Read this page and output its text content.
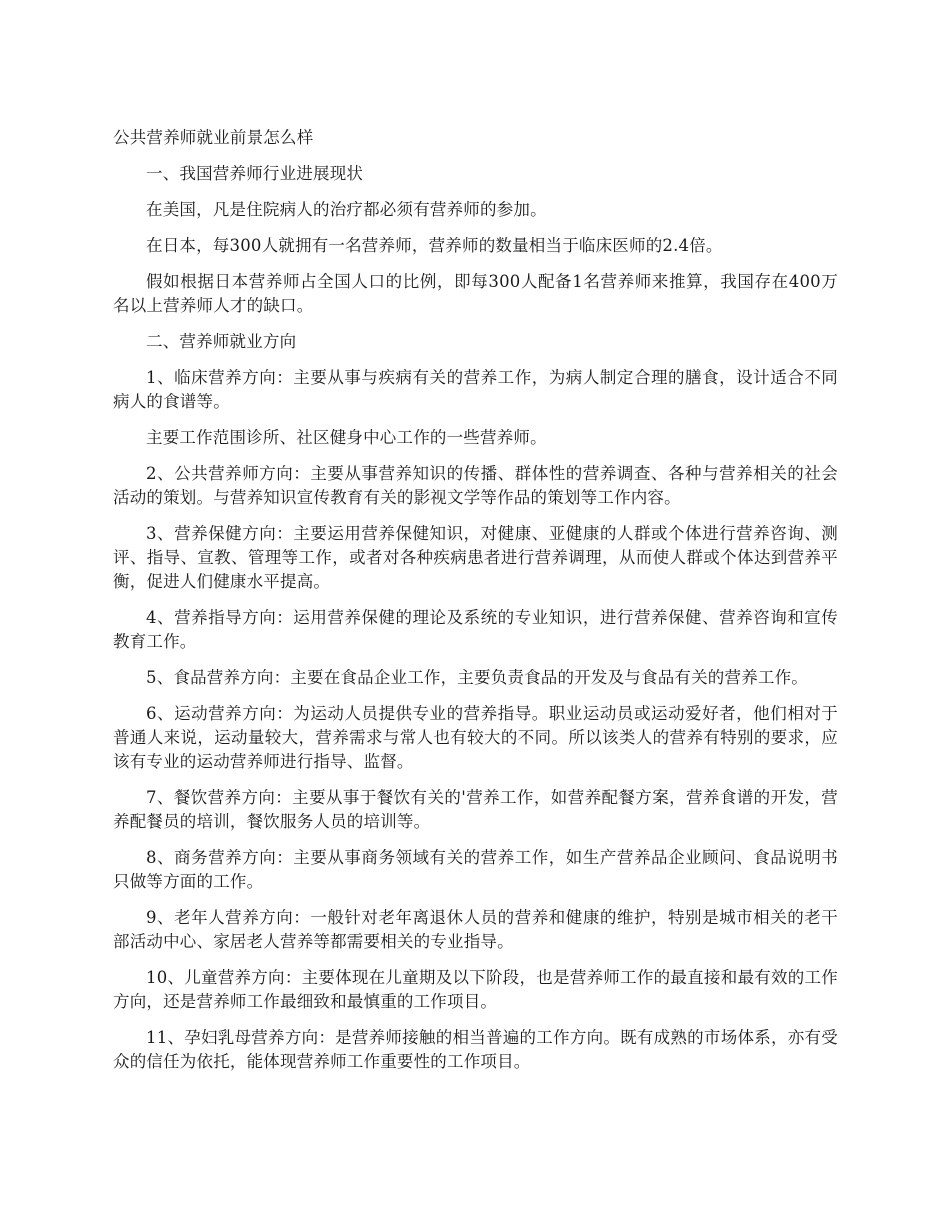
公共营养师就业前景怎么样

一、我国营养师行业进展现状

在美国，凡是住院病人的治疗都必须有营养师的参加。

在日本，每300人就拥有一名营养师，营养师的数量相当于临床医师的2.4倍。

假如根据日本营养师占全国人口的比例，即每300人配备1名营养师来推算，我国存在400万名以上营养师人才的缺口。

二、营养师就业方向

1、临床营养方向：主要从事与疾病有关的营养工作，为病人制定合理的膳食，设计适合不同病人的食谱等。

主要工作范围诊所、社区健身中心工作的一些营养师。

2、公共营养师方向：主要从事营养知识的传播、群体性的营养调查、各种与营养相关的社会活动的策划。与营养知识宣传教育有关的影视文学等作品的策划等工作内容。

3、营养保健方向：主要运用营养保健知识，对健康、亚健康的人群或个体进行营养咨询、测评、指导、宣教、管理等工作，或者对各种疾病患者进行营养调理，从而使人群或个体达到营养平衡，促进人们健康水平提高。

4、营养指导方向：运用营养保健的理论及系统的专业知识，进行营养保健、营养咨询和宣传教育工作。

5、食品营养方向：主要在食品企业工作，主要负责食品的开发及与食品有关的营养工作。

6、运动营养方向：为运动人员提供专业的营养指导。职业运动员或运动爱好者，他们相对于普通人来说，运动量较大，营养需求与常人也有较大的不同。所以该类人的营养有特别的要求，应该有专业的运动营养师进行指导、监督。

7、餐饮营养方向：主要从事于餐饮有关的'营养工作，如营养配餐方案，营养食谱的开发，营养配餐员的培训，餐饮服务人员的培训等。

8、商务营养方向：主要从事商务领域有关的营养工作，如生产营养品企业顾问、食品说明书只做等方面的工作。

9、老年人营养方向：一般针对老年离退休人员的营养和健康的维护，特别是城市相关的老干部活动中心、家居老人营养等都需要相关的专业指导。

10、儿童营养方向：主要体现在儿童期及以下阶段，也是营养师工作的最直接和最有效的工作方向，还是营养师工作最细致和最慎重的工作项目。

11、孕妇乳母营养方向：是营养师接触的相当普遍的工作方向。既有成熟的市场体系，亦有受众的信任为依托，能体现营养师工作重要性的工作项目。
